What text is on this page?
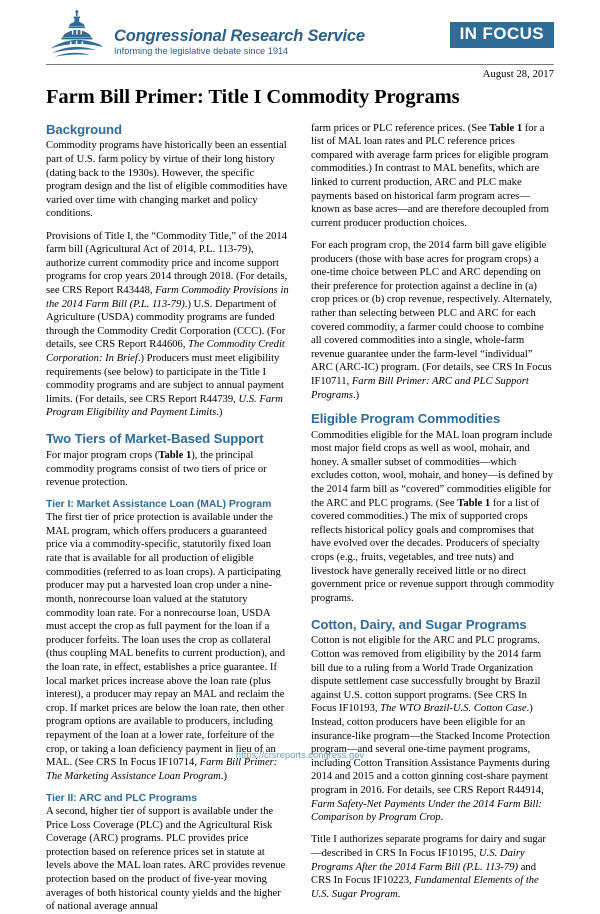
Congressional Research Service
Informing the legislative debate since 1914
IN FOCUS
August 28, 2017
Farm Bill Primer: Title I Commodity Programs
Background

Commodity programs have historically been an essential part of U.S. farm policy by virtue of their long history (dating back to the 1930s). However, the specific program design and the list of eligible commodities have varied over time with changing market and policy conditions.

Provisions of Title I, the “Commodity Title,” of the 2014 farm bill (Agricultural Act of 2014, P.L. 113-79), authorize current commodity price and income support programs for crop years 2014 through 2018. (For details, see CRS Report R43448, Farm Commodity Provisions in the 2014 Farm Bill (P.L. 113-79).) U.S. Department of Agriculture (USDA) commodity programs are funded through the Commodity Credit Corporation (CCC). (For details, see CRS Report R44606, The Commodity Credit Corporation: In Brief.) Producers must meet eligibility requirements (see below) to participate in the Title I commodity programs and are subject to annual payment limits. (For details, see CRS Report R44739, U.S. Farm Program Eligibility and Payment Limits.)

Two Tiers of Market-Based Support

For major program crops (Table 1), the principal commodity programs consist of two tiers of price or revenue protection.

Tier I: Market Assistance Loan (MAL) Program

The first tier of price protection is available under the MAL program, which offers producers a guaranteed price via a commodity-specific, statutorily fixed loan rate that is available for all production of eligible commodities (referred to as loan crops). A participating producer may put a harvested loan crop under a nine-month, nonrecourse loan valued at the statutory commodity loan rate. For a nonrecourse loan, USDA must accept the crop as full payment for the loan if a producer forfeits. The loan uses the crop as collateral (thus coupling MAL benefits to current production), and the loan rate, in effect, establishes a price guarantee. If local market prices increase above the loan rate (plus interest), a producer may repay an MAL and reclaim the crop. If market prices are below the loan rate, then other program options are available to producers, including repayment of the loan at a lower rate, forfeiture of the crop, or taking a loan deficiency payment in lieu of an MAL. (See CRS In Focus IF10714, Farm Bill Primer: The Marketing Assistance Loan Program.)

Tier II: ARC and PLC Programs

A second, higher tier of support is available under the Price Loss Coverage (PLC) and the Agricultural Risk Coverage (ARC) programs. PLC provides price protection based on reference prices set in statute at levels above the MAL loan rates. ARC provides revenue protection based on the product of five-year moving averages of both historical county yields and the higher of national average annual

farm prices or PLC reference prices. (See Table 1 for a list of MAL loan rates and PLC reference prices compared with average farm prices for eligible program commodities.) In contrast to MAL benefits, which are linked to current production, ARC and PLC make payments based on historical farm program acres—known as base acres—and are therefore decoupled from current producer production choices.

For each program crop, the 2014 farm bill gave eligible producers (those with base acres for program crops) a one-time choice between PLC and ARC depending on their preference for protection against a decline in (a) crop prices or (b) crop revenue, respectively. Alternately, rather than selecting between PLC and ARC for each covered commodity, a farmer could choose to combine all covered commodities into a single, whole-farm revenue guarantee under the farm-level “individual” ARC (ARC-IC) program. (For details, see CRS In Focus IF10711, Farm Bill Primer: ARC and PLC Support Programs.)

Eligible Program Commodities

Commodities eligible for the MAL loan program include most major field crops as well as wool, mohair, and honey. A smaller subset of commodities—which excludes cotton, wool, mohair, and honey—is defined by the 2014 farm bill as “covered” commodities eligible for the ARC and PLC programs. (See Table 1 for a list of covered commodities.) The mix of supported crops reflects historical policy goals and compromises that have evolved over the decades. Producers of specialty crops (e.g., fruits, vegetables, and tree nuts) and livestock have generally received little or no direct government price or revenue support through commodity programs.

Cotton, Dairy, and Sugar Programs

Cotton is not eligible for the ARC and PLC programs. Cotton was removed from eligibility by the 2014 farm bill due to a ruling from a World Trade Organization dispute settlement case successfully brought by Brazil against U.S. cotton support programs. (See CRS In Focus IF10193, The WTO Brazil-U.S. Cotton Case.) Instead, cotton producers have been eligible for an insurance-like program—the Stacked Income Protection program—and several one-time payment programs, including Cotton Transition Assistance Payments during 2014 and 2015 and a cotton ginning cost-share payment program in 2016. For details, see CRS Report R44914, Farm Safety-Net Payments Under the 2014 Farm Bill: Comparison by Program Crop.

Title I authorizes separate programs for dairy and sugar—described in CRS In Focus IF10195, U.S. Dairy Programs After the 2014 Farm Bill (P.L. 113-79) and CRS In Focus IF10223, Fundamental Elements of the U.S. Sugar Program.

https://crsreports.congress.gov
